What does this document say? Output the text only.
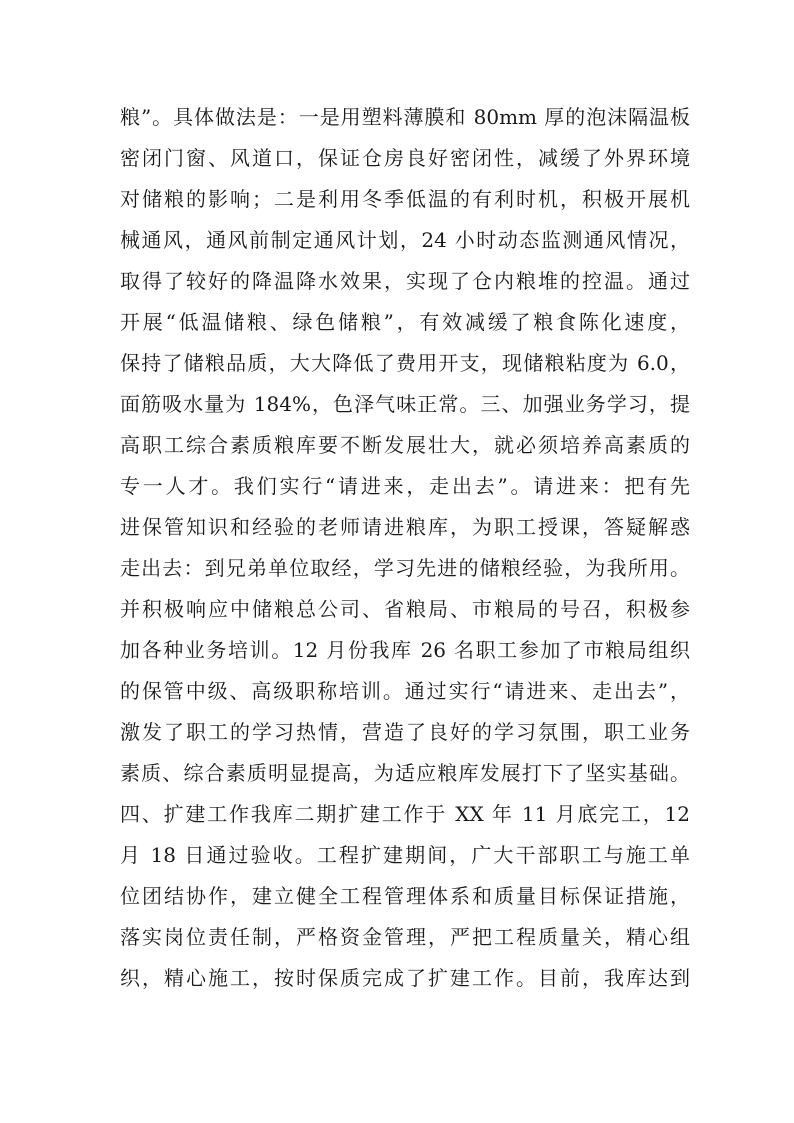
粮”。具体做法是：一是用塑料薄膜和 80mm 厚的泡沫隔温板
密闭门窗、风道口，保证仓房良好密闭性，减缓了外界环境
对储粮的影响；二是利用冬季低温的有利时机，积极开展机
械通风，通风前制定通风计划，24 小时动态监测通风情况，
取得了较好的降温降水效果，实现了仓内粮堆的控温。通过
开展“低温储粮、绿色储粮”，有效减缓了粮食陈化速度，
保持了储粮品质，大大降低了费用开支，现储粮粘度为 6.0，
面筋吸水量为 184%，色泽气味正常。三、加强业务学习，提
高职工综合素质粮库要不断发展壮大，就必须培养高素质的
专一人才。我们实行“请进来，走出去”。请进来：把有先
进保管知识和经验的老师请进粮库，为职工授课，答疑解惑
走出去：到兄弟单位取经，学习先进的储粮经验，为我所用。
并积极响应中储粮总公司、省粮局、市粮局的号召，积极参
加各种业务培训。12 月份我库 26 名职工参加了市粮局组织
的保管中级、高级职称培训。通过实行“请进来、走出去”，
激发了职工的学习热情，营造了良好的学习氛围，职工业务
素质、综合素质明显提高，为适应粮库发展打下了坚实基础。
四、扩建工作我库二期扩建工作于 XX 年 11 月底完工，12
月 18 日通过验收。工程扩建期间，广大干部职工与施工单
位团结协作，建立健全工程管理体系和质量目标保证措施，
落实岗位责任制，严格资金管理，严把工程质量关，精心组
织，精心施工，按时保质完成了扩建工作。目前，我库达到
